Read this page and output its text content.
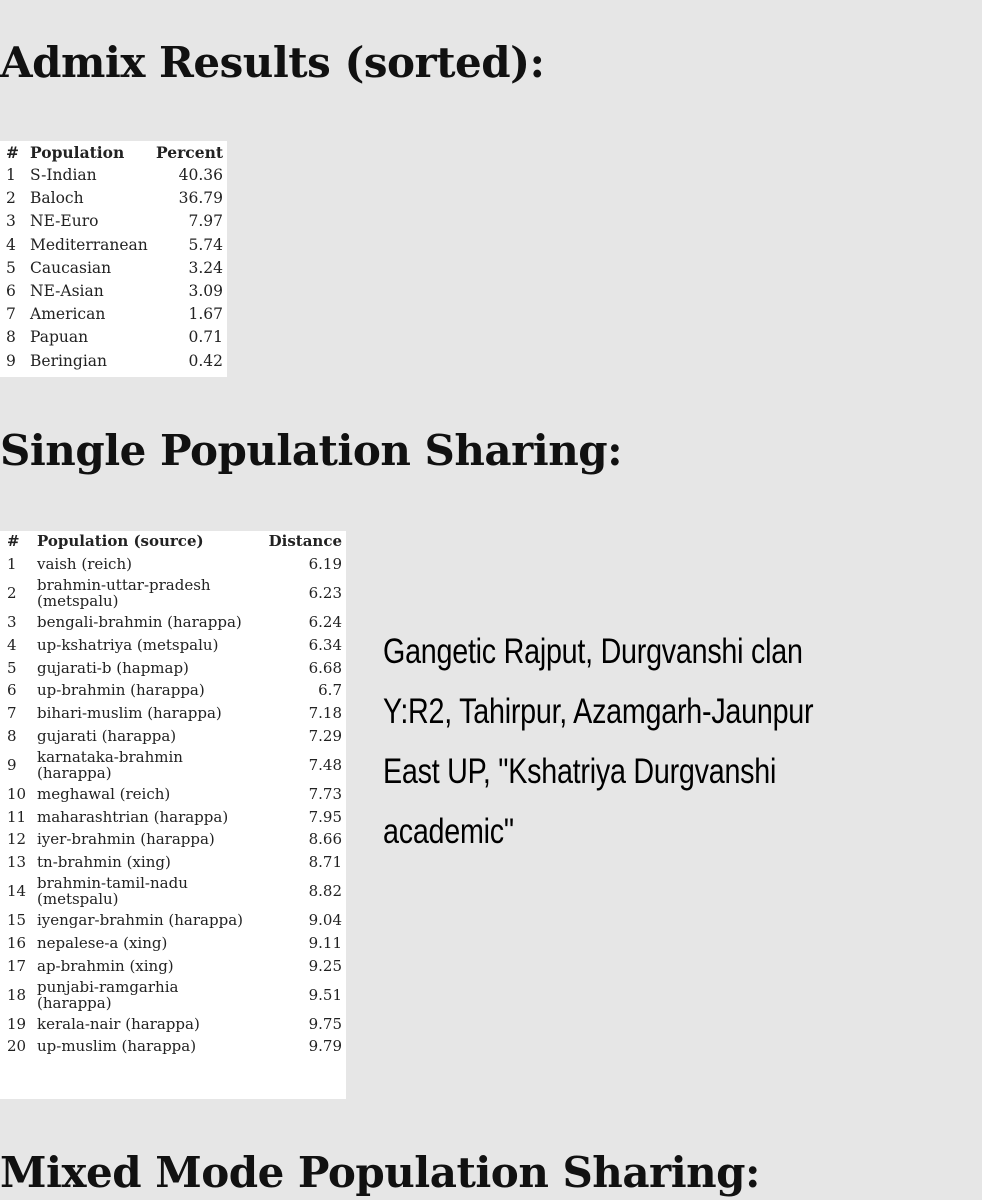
Admix Results (sorted):
#	Population	Percent
1	S-Indian	40.36
2	Baloch	36.79
3	NE-Euro	7.97
4	Mediterranean	5.74
5	Caucasian	3.24
6	NE-Asian	3.09
7	American	1.67
8	Papuan	0.71
9	Beringian	0.42
Single Population Sharing:
#	Population (source)	Distance
1	vaish (reich)	6.19
2	brahmin-uttar-pradesh (metspalu)	6.23
3	bengali-brahmin (harappa)	6.24
4	up-kshatriya (metspalu)	6.34
5	gujarati-b (hapmap)	6.68
6	up-brahmin (harappa)	6.7
7	bihari-muslim (harappa)	7.18
8	gujarati (harappa)	7.29
9	karnataka-brahmin (harappa)	7.48
10	meghawal (reich)	7.73
11	maharashtrian (harappa)	7.95
12	iyer-brahmin (harappa)	8.66
13	tn-brahmin (xing)	8.71
14	brahmin-tamil-nadu (metspalu)	8.82
15	iyengar-brahmin (harappa)	9.04
16	nepalese-a (xing)	9.11
17	ap-brahmin (xing)	9.25
18	punjabi-ramgarhia (harappa)	9.51
19	kerala-nair (harappa)	9.75
20	up-muslim (harappa)	9.79
Gangetic Rajput, Durgvanshi clan
Y:R2, Tahirpur, Azamgarh-Jaunpur
East UP, "Kshatriya Durgvanshi
academic"
Mixed Mode Population Sharing:
